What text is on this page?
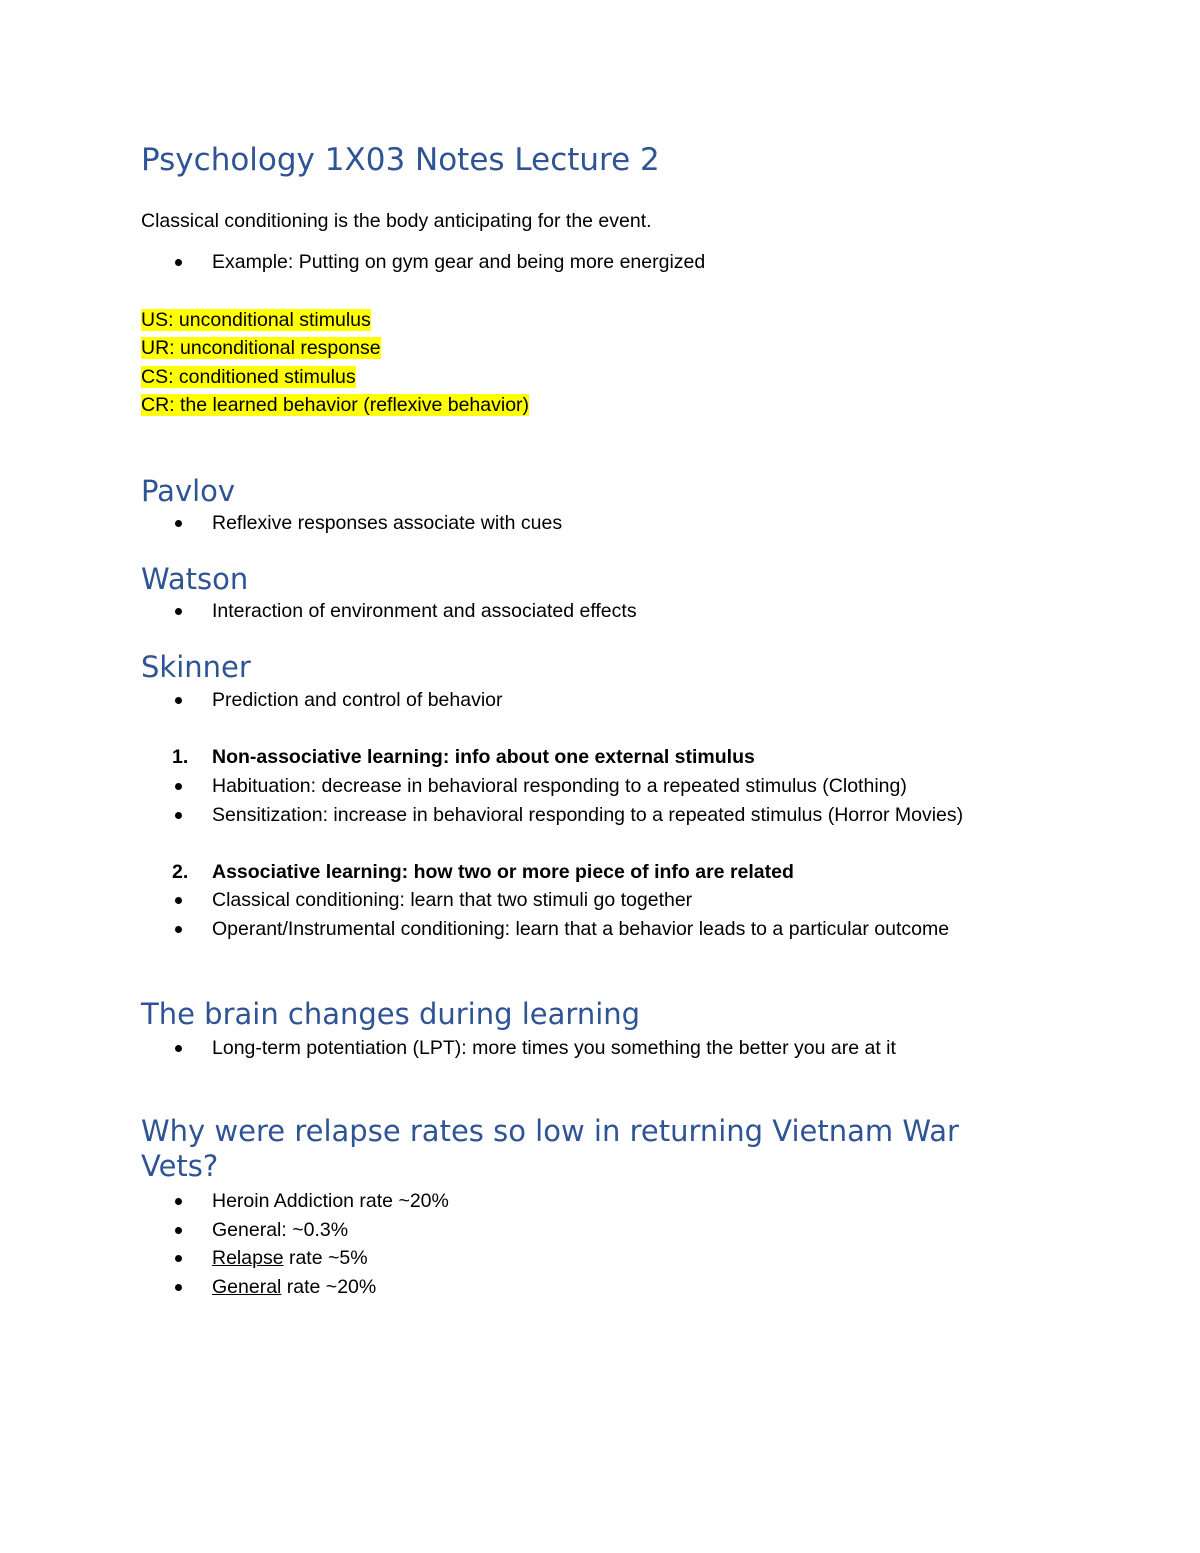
Psychology 1X03 Notes Lecture 2

Classical conditioning is the body anticipating for the event.

Example: Putting on gym gear and being more energized

US: unconditional stimulus

UR: unconditional response

CS: conditioned stimulus

CR: the learned behavior (reflexive behavior)

Pavlov
Reflexive responses associate with cues
Watson
Interaction of environment and associated effects
Skinner
Prediction and control of behavior
1.	Non-associative learning: info about one external stimulus
Habituation: decrease in behavioral responding to a repeated stimulus (Clothing)
Sensitization: increase in behavioral responding to a repeated stimulus (Horror Movies)
2.	Associative learning: how two or more piece of info are related
Classical conditioning: learn that two stimuli go together
Operant/Instrumental conditioning: learn that a behavior leads to a particular outcome
The brain changes during learning
Long-term potentiation (LPT): more times you something the better you are at it
Why were relapse rates so low in returning Vietnam War
Vets?
Heroin Addiction rate ~20%
General: ~0.3%
Relapse rate ~5%
General rate ~20%
